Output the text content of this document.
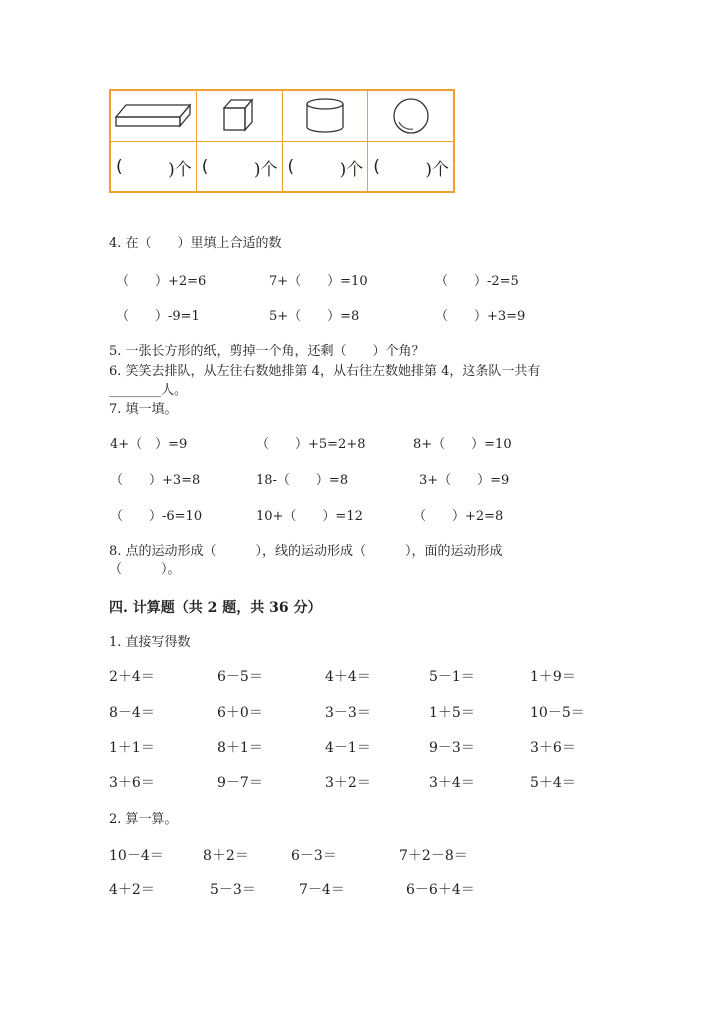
(	)个 (	)个 (	)个 (	)个
4. 在（　　）里填上合适的数
（　　）+2=6	7+（　　）=10	（　　）-2=5
（　　）-9=1	5+（　　）=8	（　　）+3=9
5. 一张长方形的纸，剪掉一个角，还剩（　　）个角？
6. 笑笑去排队，从左往右数她排第 4，从右往左数她排第 4，这条队一共有
________人。
7. 填一填。
4+（　）=9	（　　）+5=2+8	8+（　　）=10
（　　）+3=8	18-（　　）=8	3+（　　）=9
（　　）-6=10	10+（　　）=12	（　　）+2=8
8. 点的运动形成（　　　），线的运动形成（　　　），面的运动形成
（　　　）。
四. 计算题（共 2 题，共 36 分）
1. 直接写得数
2＋4＝	6－5＝	4＋4＝	5－1＝	1＋9＝
8－4＝	6＋0＝	3－3＝	1＋5＝	10－5＝
1＋1＝	8＋1＝	4－1＝	9－3＝	3＋6＝
3＋6＝	9－7＝	3＋2＝	3＋4＝	5＋4＝
2. 算一算。
10－4＝	8＋2＝	6－3＝	7＋2－8＝
4＋2＝	5－3＝	7－4＝	6－6＋4＝
